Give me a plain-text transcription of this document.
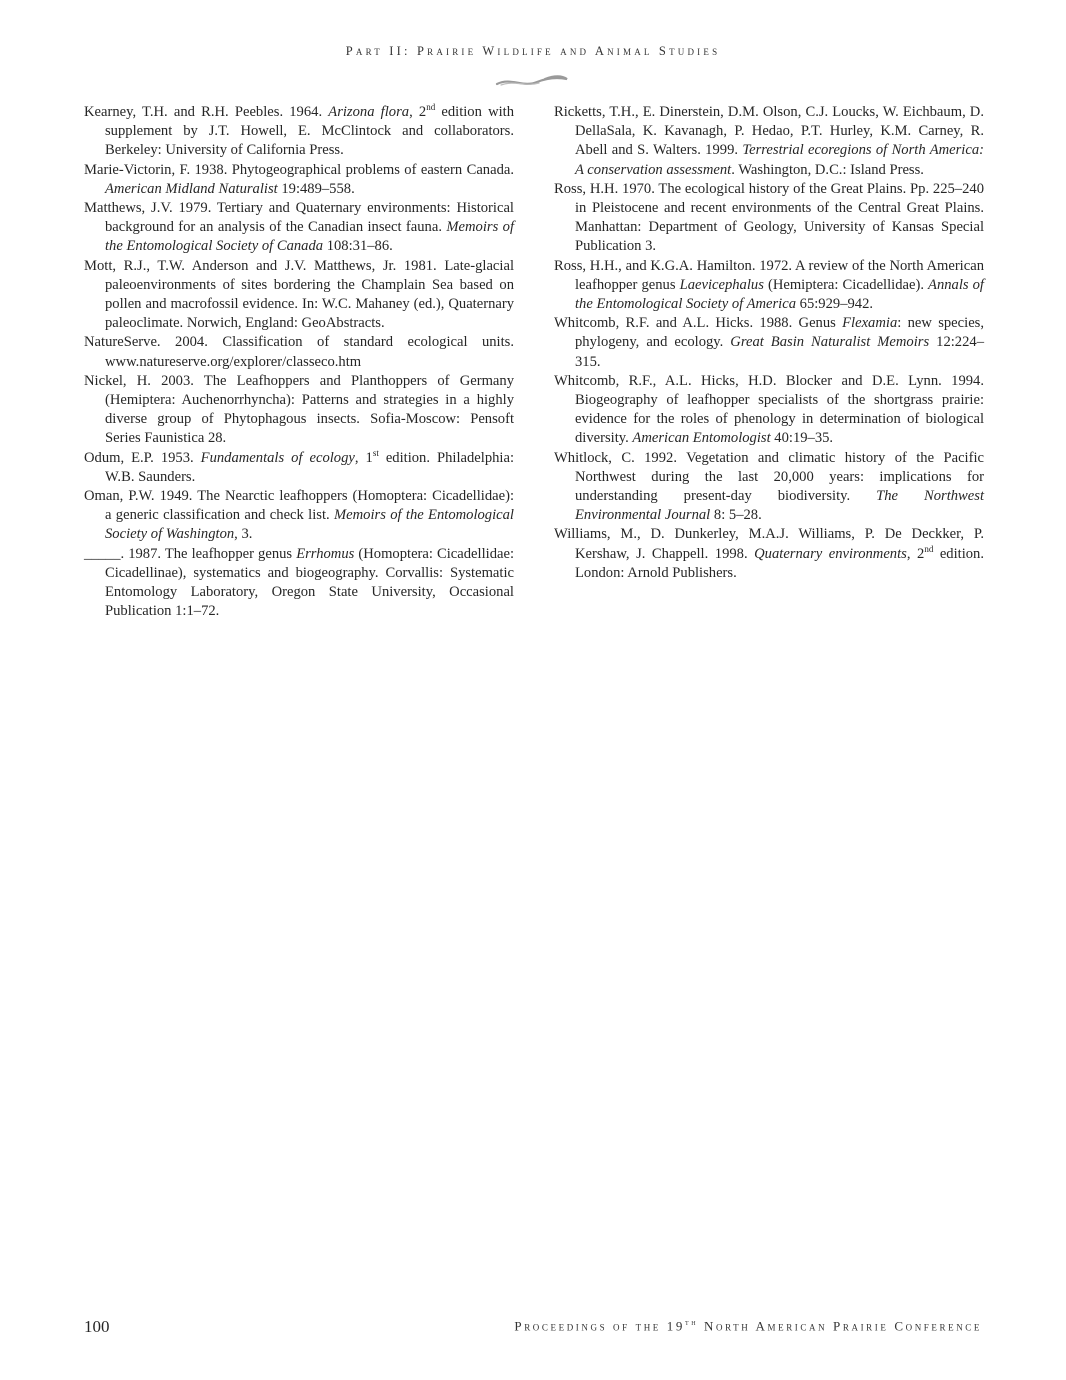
Part II: Prairie Wildlife and Animal Studies

Kearney, T.H. and R.H. Peebles. 1964. Arizona flora, 2nd edition with supplement by J.T. Howell, E. McClintock and collaborators. Berkeley: University of California Press.

Marie-Victorin, F. 1938. Phytogeographical problems of eastern Canada. American Midland Naturalist 19:489–558.

Matthews, J.V. 1979. Tertiary and Quaternary environments: Historical background for an analysis of the Canadian insect fauna. Memoirs of the Entomological Society of Canada 108:31–86.

Mott, R.J., T.W. Anderson and J.V. Matthews, Jr. 1981. Late-glacial paleoenvironments of sites bordering the Champlain Sea based on pollen and macrofossil evidence. In: W.C. Mahaney (ed.), Quaternary paleoclimate. Norwich, England: GeoAbstracts.

NatureServe. 2004. Classification of standard ecological units. www.natureserve.org/explorer/classeco.htm

Nickel, H. 2003. The Leafhoppers and Planthoppers of Germany (Hemiptera: Auchenorrhyncha): Patterns and strategies in a highly diverse group of Phytophagous insects. Sofia-Moscow: Pensoft Series Faunistica 28.

Odum, E.P. 1953. Fundamentals of ecology, 1st edition. Philadelphia: W.B. Saunders.

Oman, P.W. 1949. The Nearctic leafhoppers (Homoptera: Cicadellidae): a generic classification and check list. Memoirs of the Entomological Society of Washington, 3.

_____. 1987. The leafhopper genus Errhomus (Homoptera: Cicadellidae: Cicadellinae), systematics and biogeography. Corvallis: Systematic Entomology Laboratory, Oregon State University, Occasional Publication 1:1–72.

Ricketts, T.H., E. Dinerstein, D.M. Olson, C.J. Loucks, W. Eichbaum, D. DellaSala, K. Kavanagh, P. Hedao, P.T. Hurley, K.M. Carney, R. Abell and S. Walters. 1999. Terrestrial ecoregions of North America: A conservation assessment. Washington, D.C.: Island Press.

Ross, H.H. 1970. The ecological history of the Great Plains. Pp. 225–240 in Pleistocene and recent environments of the Central Great Plains. Manhattan: Department of Geology, University of Kansas Special Publication 3.

Ross, H.H., and K.G.A. Hamilton. 1972. A review of the North American leafhopper genus Laevicephalus (Hemiptera: Cicadellidae). Annals of the Entomological Society of America 65:929–942.

Whitcomb, R.F. and A.L. Hicks. 1988. Genus Flexamia: new species, phylogeny, and ecology. Great Basin Naturalist Memoirs 12:224–315.

Whitcomb, R.F., A.L. Hicks, H.D. Blocker and D.E. Lynn. 1994. Biogeography of leafhopper specialists of the shortgrass prairie: evidence for the roles of phenology in determination of biological diversity. American Entomologist 40:19–35.

Whitlock, C. 1992. Vegetation and climatic history of the Pacific Northwest during the last 20,000 years: implications for understanding present-day biodiversity. The Northwest Environmental Journal 8: 5–28.

Williams, M., D. Dunkerley, M.A.J. Williams, P. De Deckker, P. Kershaw, J. Chappell. 1998. Quaternary environments, 2nd edition. London: Arnold Publishers.

100	Proceedings of the 19th North American Prairie Conference
